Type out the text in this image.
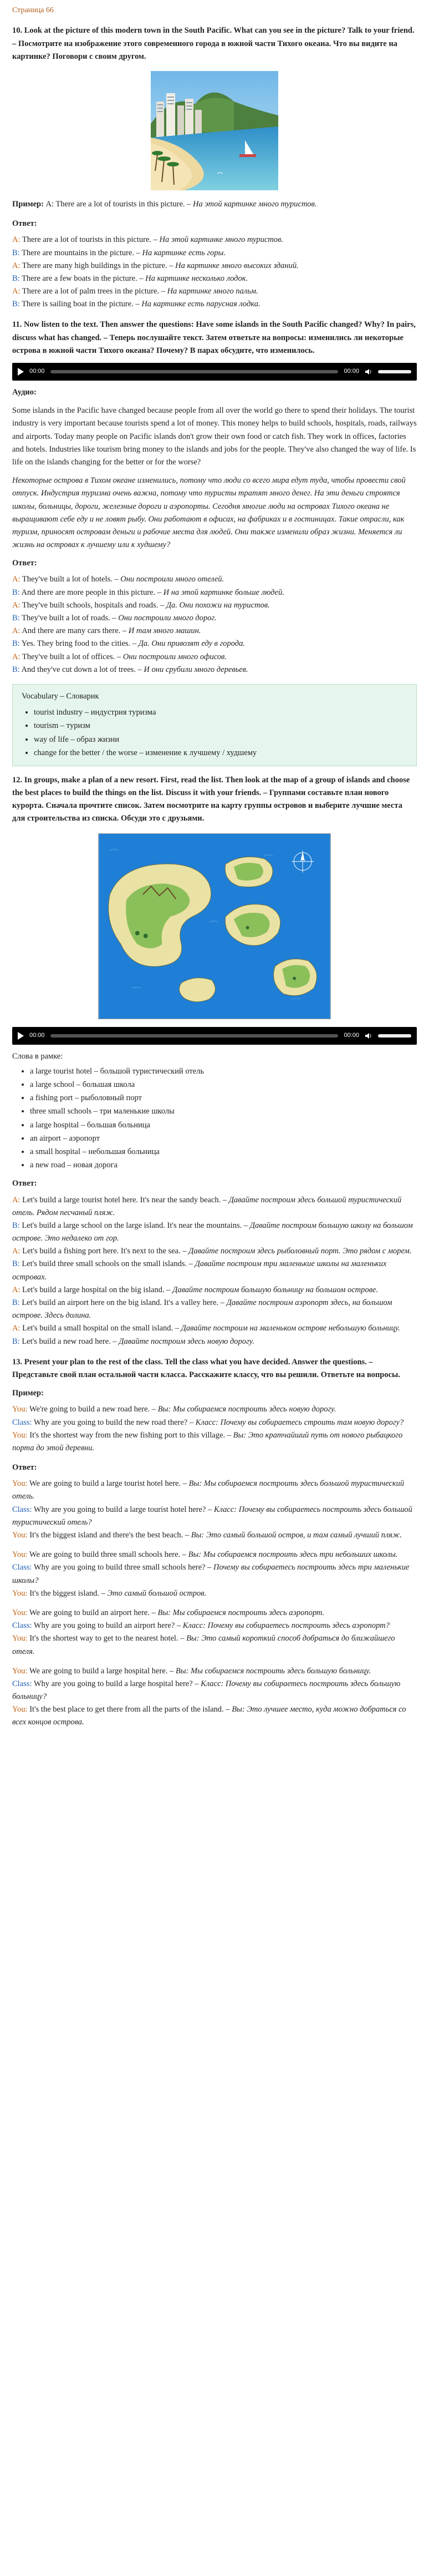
Страница 66

10. Look at the picture of this modern town in the South Pacific. What can you see in the picture? Talk to your friend. – Посмотрите на изображение этого современного города в южной части Тихого океана. Что вы видите на картинке? Поговори с своим другом.

Пример: A: There are a lot of tourists in this picture. – На этой картинке много туристов.

Ответ:

A: There are a lot of tourists in this picture. – На этой картинке много туристов.

B: There are mountains in the picture. – На картинке есть горы.

A: There are many high buildings in the picture. – На картинке много высоких зданий.

B: There are a few boats in the picture. – На картинке несколько лодок.

A: There are a lot of palm trees in the picture. – На картинке много пальм.

B: There is sailing boat in the picture. – На картинке есть парусная лодка.

11. Now listen to the text. Then answer the questions: Have some islands in the South Pacific changed? Why? In pairs, discuss what has changed. – Теперь послушайте текст. Затем ответьте на вопросы: изменились ли некоторые острова в южной части Тихого океана? Почему? В парах обсудите, что изменилось.

00:00	00:00

Аудио:

Some islands in the Pacific have changed because people from all over the world go there to spend their holidays. The tourist industry is very important because tourists spend a lot of money. This money helps to build schools, hospitals, roads, railways and airports. Today many people on Pacific islands don't grow their own food or catch fish. They work in offices, factories and hotels. Industries like tourism bring money to the islands and jobs for the people. They've also changed the way of life. Is life on the islands changing for the better or for the worse?

Некоторые острова в Тихом океане изменились, потому что люди со всего мира едут туда, чтобы провести свой отпуск. Индустрия туризма очень важна, потому что туристы тратят много денег. На эти деньги строятся школы, больницы, дороги, железные дороги и аэропорты. Сегодня многие люди на островах Тихого океана не выращивают себе еду и не ловят рыбу. Они работают в офисах, на фабриках и в гостиницах. Такие отрасли, как туризм, приносят островам деньги и рабочие места для людей. Они также изменили образ жизни. Меняется ли жизнь на островах к лучшему или к худшему?

Ответ:

A: They've built a lot of hotels. – Они построили много отелей.

B: And there are more people in this picture. – И на этой картинке больше людей.

A: They've built schools, hospitals and roads. – Да. Они похожи на туристов.

B: They've built a lot of roads. – Они построили много дорог.

A: And there are many cars there. – И там много машин.

B: Yes. They bring food to the cities. – Да. Они привозят еду в города.

A: They've built a lot of offices. – Они построили много офисов.

B: And they've cut down a lot of trees. – И они срубили много деревьев.

Vocabulary – Словарик

• tourist industry – индустрия туризма
• tourism – туризм
• way of life – образ жизни
• change for the better / the worse – изменение к лучшему / худшему

12. In groups, make a plan of a new resort. First, read the list. Then look at the map of a group of islands and choose the best places to build the things on the list. Discuss it with your friends. – Группами составьте план нового курорта. Сначала прочтите список. Затем посмотрите на карту группы островов и выберите лучшие места для строительства из списка. Обсуди это с друзьями.

00:00	00:00

Слова в рамке:

• a large tourist hotel – большой туристический отель
• a large school – большая школа
• a fishing port – рыболовный порт
• three small schools – три маленькие школы
• a large hospital – большая больница
• an airport – аэропорт
• a small hospital – небольшая больница
• a new road – новая дорога

Ответ:

A: Let's build a large tourist hotel here. It's near the sandy beach. – Давайте построим здесь большой туристический отель. Рядом песчаный пляж.

B: Let's build a large school on the large island. It's near the mountains. – Давайте построим большую школу на большом острове. Это недалеко от гор.

A: Let's build a fishing port here. It's next to the sea. – Давайте построим здесь рыболовный порт. Это рядом с морем.

B: Let's build three small schools on the small islands. – Давайте построим три маленькие школы на маленьких островах.

A: Let's build a large hospital on the big island. – Давайте построим большую больницу на большом острове.

B: Let's build an airport here on the big island. It's a valley here. – Давайте построим аэропорт здесь, на большом острове. Здесь долина.

A: Let's build a small hospital on the small island. – Давайте построим на маленьком острове небольшую больницу.

B: Let's build a new road here. – Давайте построим здесь новую дорогу.

13. Present your plan to the rest of the class. Tell the class what you have decided. Answer the questions. – Представьте свой план остальной части класса. Расскажите классу, что вы решили. Ответьте на вопросы.

Пример:

You: We're going to build a new road here. – Вы: Мы собираемся построить здесь новую дорогу.

Class: Why are you going to build the new road there? – Класс: Почему вы собираетесь строить там новую дорогу?

You: It's the shortest way from the new fishing port to this village. – Вы: Это кратчайший путь от нового рыбацкого порта до этой деревни.

Ответ:

You: We are going to build a large tourist hotel here. – Вы: Мы собираемся построить здесь большой туристический отель.

Class: Why are you going to build a large tourist hotel here? – Класс: Почему вы собираетесь построить здесь большой туристический отель?

You: It's the biggest island and there's the best beach. – Вы: Это самый большой остров, и там самый лучший пляж.

You: We are going to build three small schools here. – Вы: Мы собираемся построить здесь три небольших школы.

Class: Why are you going to build three small schools here? – Почему вы собираетесь построить здесь три маленькие школы?

You: It's the biggest island. – Это самый большой остров.

You: We are going to build an airport here. – Вы: Мы собираемся построить здесь аэропорт.

Class: Why are you going to build an airport here? – Класс: Почему вы собираетесь построить здесь аэропорт?

You: It's the shortest way to get to the nearest hotel. – Вы: Это самый короткий способ добраться до ближайшего отеля.

You: We are going to build a large hospital here. – Вы: Мы собираемся построить здесь большую больницу.

Class: Why are you going to build a large hospital here? – Класс: Почему вы собираетесь построить здесь большую больницу?

You: It's the best place to get there from all the parts of the island. – Вы: Это лучшее место, куда можно добраться со всех концов острова.
